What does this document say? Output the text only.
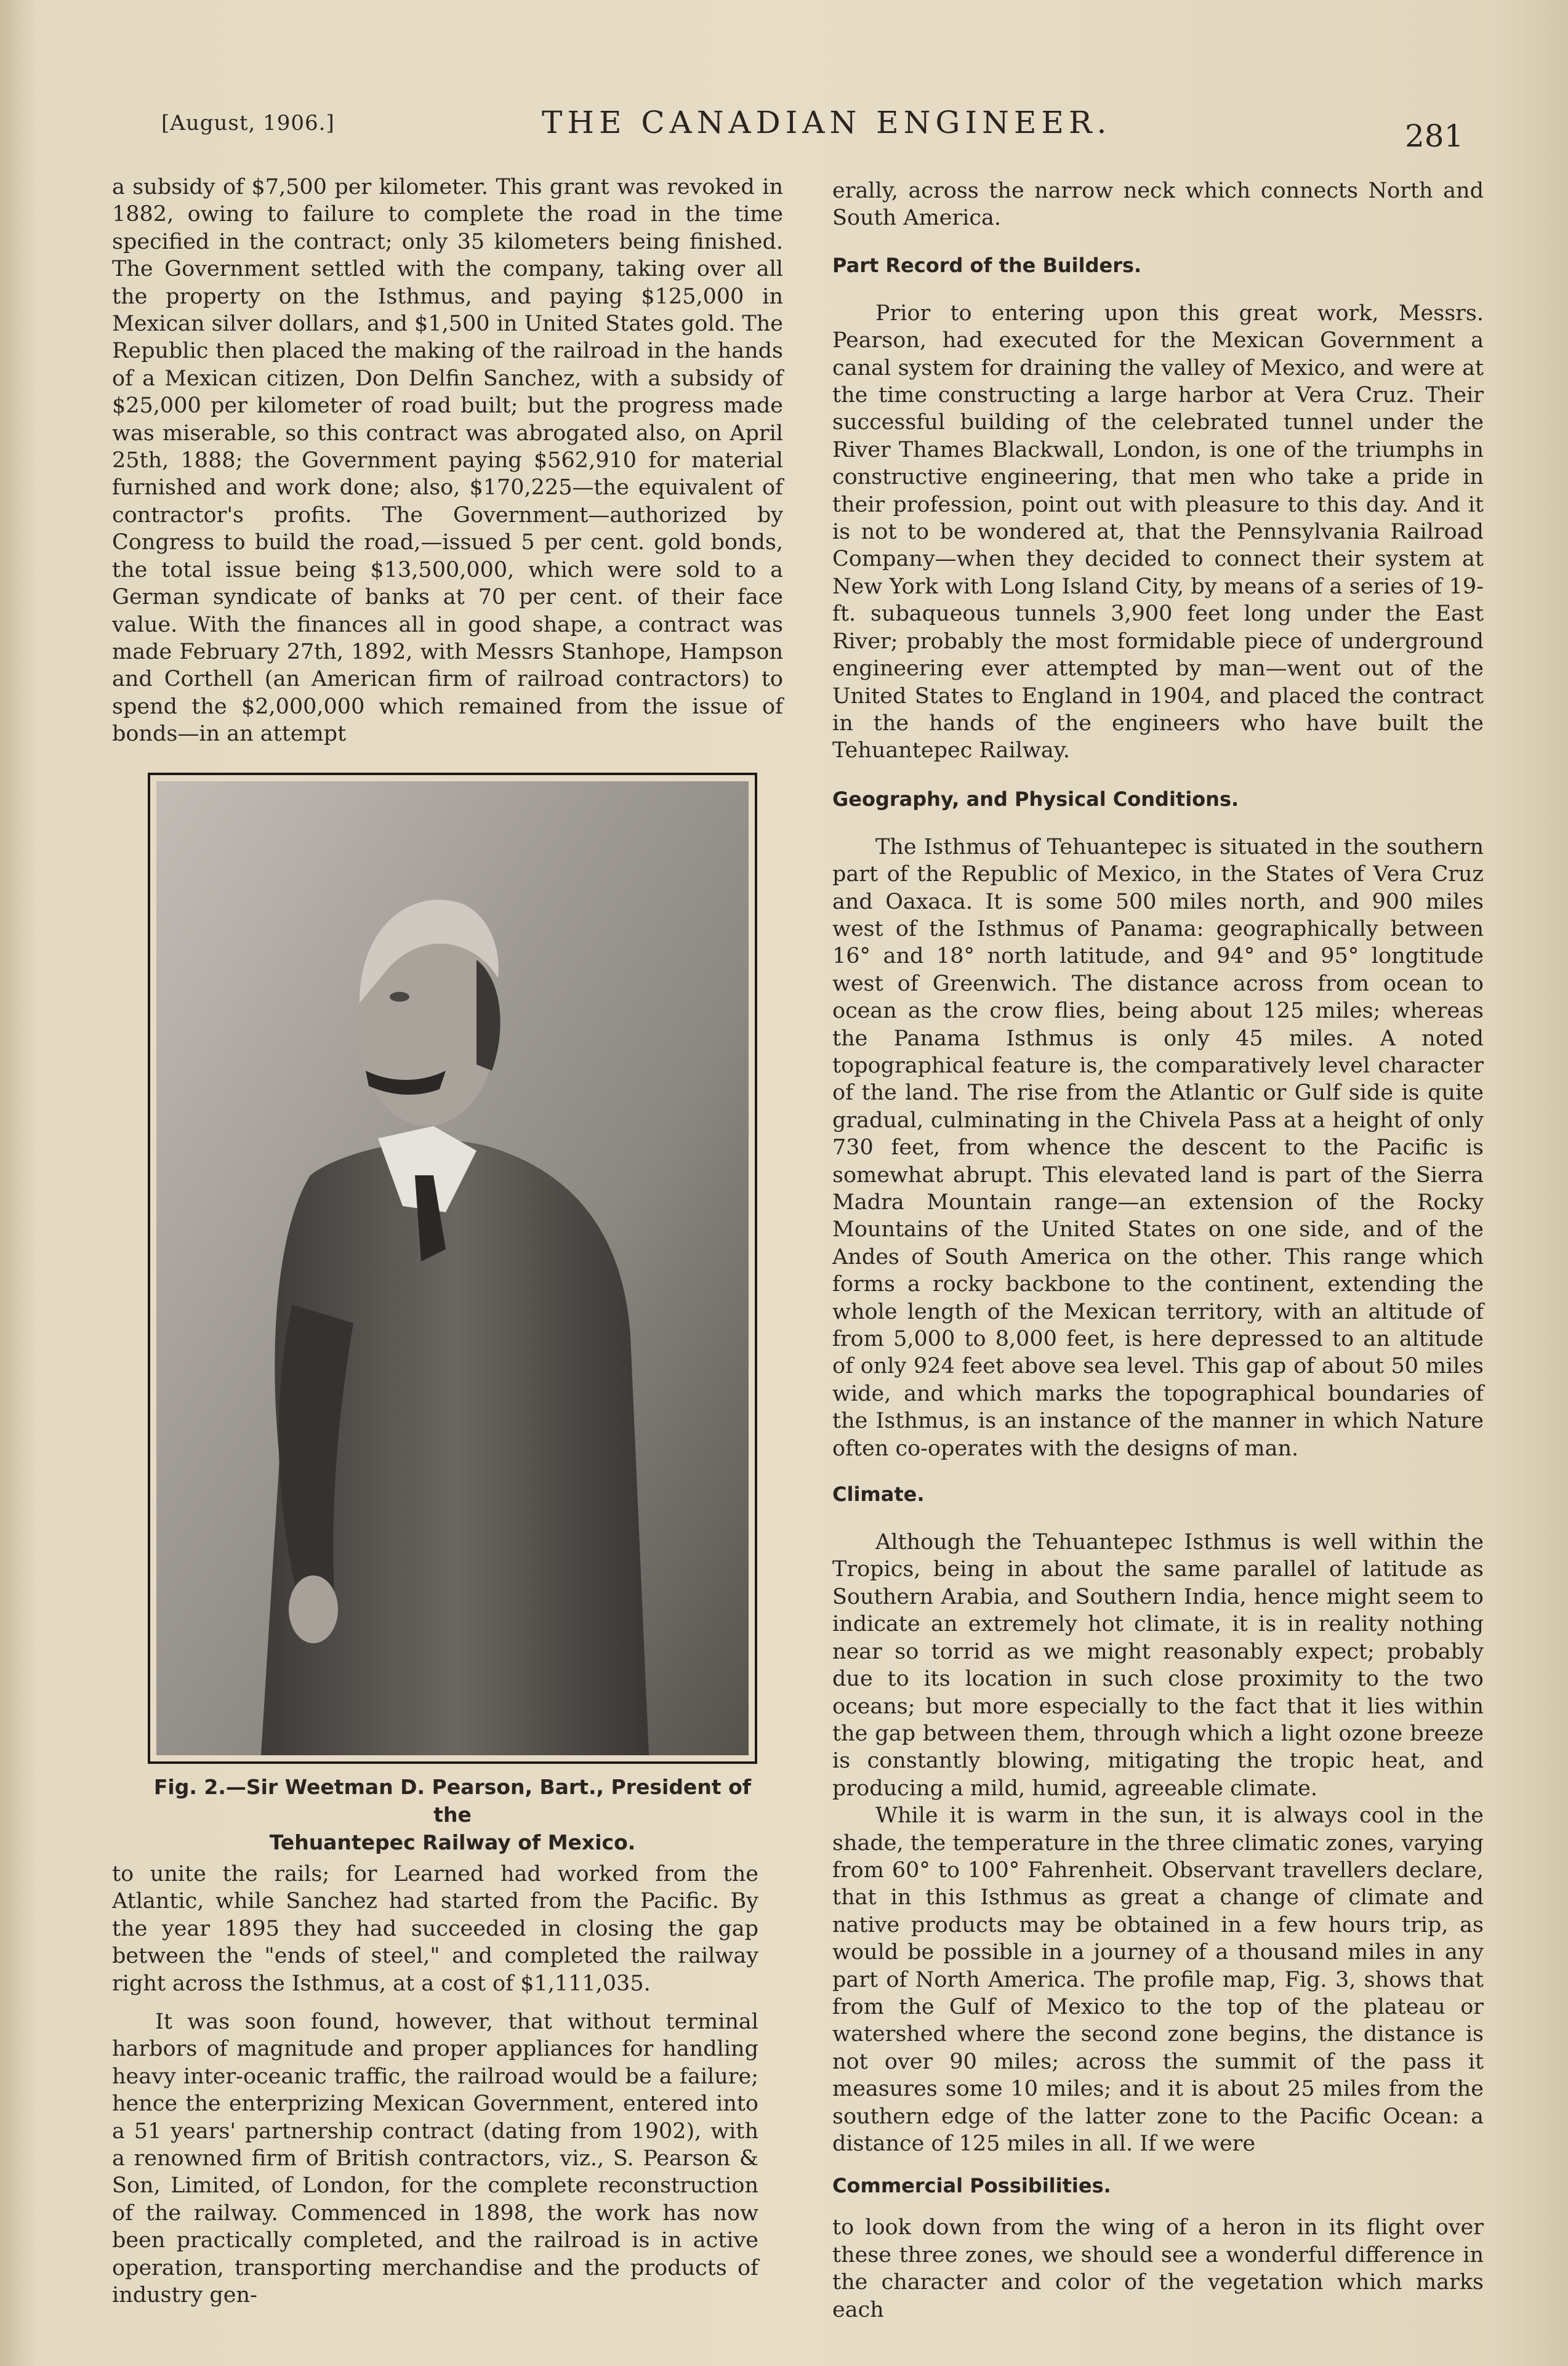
[August, 1906.]	THE CANADIAN ENGINEER.	281

a subsidy of $7,500 per kilometer. This grant was revoked in 1882, owing to failure to complete the road in the time specified in the contract; only 35 kilometers being finished. The Government settled with the company, taking over all the property on the Isthmus, and paying $125,000 in Mexican silver dollars, and $1,500 in United States gold. The Republic then placed the making of the railroad in the hands of a Mexican citizen, Don Delfin Sanchez, with a subsidy of $25,000 per kilometer of road built; but the progress made was miserable, so this contract was abrogated also, on April 25th, 1888; the Government paying $562,910 for material furnished and work done; also, $170,225—the equivalent of contractor's profits. The Government—authorized by Congress to build the road,—issued 5 per cent. gold bonds, the total issue being $13,500,000, which were sold to a German syndicate of banks at 70 per cent. of their face value. With the finances all in good shape, a contract was made February 27th, 1892, with Messrs Stanhope, Hampson and Corthell (an American firm of railroad contractors) to spend the $2,000,000 which remained from the issue of bonds—in an attempt

Fig. 2.—Sir Weetman D. Pearson, Bart., President of the
Tehuantepec Railway of Mexico.

to unite the rails; for Learned had worked from the Atlantic, while Sanchez had started from the Pacific. By the year 1895 they had succeeded in closing the gap between the "ends of steel," and completed the railway right across the Isthmus, at a cost of $1,111,035.

It was soon found, however, that without terminal harbors of magnitude and proper appliances for handling heavy inter-oceanic traffic, the railroad would be a failure; hence the enterprizing Mexican Government, entered into a 51 years' partnership contract (dating from 1902), with a renowned firm of British contractors, viz., S. Pearson & Son, Limited, of London, for the complete reconstruction of the railway. Commenced in 1898, the work has now been practically completed, and the railroad is in active operation, transporting merchandise and the products of industry gen-

erally, across the narrow neck which connects North and South America.

Part Record of the Builders.

Prior to entering upon this great work, Messrs. Pearson, had executed for the Mexican Government a canal system for draining the valley of Mexico, and were at the time constructing a large harbor at Vera Cruz. Their successful building of the celebrated tunnel under the River Thames Blackwall, London, is one of the triumphs in constructive engineering, that men who take a pride in their profession, point out with pleasure to this day. And it is not to be wondered at, that the Pennsylvania Railroad Company—when they decided to connect their system at New York with Long Island City, by means of a series of 19-ft. subaqueous tunnels 3,900 feet long under the East River; probably the most formidable piece of underground engineering ever attempted by man—went out of the United States to England in 1904, and placed the contract in the hands of the engineers who have built the Tehuantepec Railway.

Geography, and Physical Conditions.

The Isthmus of Tehuantepec is situated in the southern part of the Republic of Mexico, in the States of Vera Cruz and Oaxaca. It is some 500 miles north, and 900 miles west of the Isthmus of Panama: geographically between 16° and 18° north latitude, and 94° and 95° longtitude west of Greenwich. The distance across from ocean to ocean as the crow flies, being about 125 miles; whereas the Panama Isthmus is only 45 miles. A noted topographical feature is, the comparatively level character of the land. The rise from the Atlantic or Gulf side is quite gradual, culminating in the Chivela Pass at a height of only 730 feet, from whence the descent to the Pacific is somewhat abrupt. This elevated land is part of the Sierra Madra Mountain range—an extension of the Rocky Mountains of the United States on one side, and of the Andes of South America on the other. This range which forms a rocky backbone to the continent, extending the whole length of the Mexican territory, with an altitude of from 5,000 to 8,000 feet, is here depressed to an altitude of only 924 feet above sea level. This gap of about 50 miles wide, and which marks the topographical boundaries of the Isthmus, is an instance of the manner in which Nature often co-operates with the designs of man.

Climate.

Although the Tehuantepec Isthmus is well within the Tropics, being in about the same parallel of latitude as Southern Arabia, and Southern India, hence might seem to indicate an extremely hot climate, it is in reality nothing near so torrid as we might reasonably expect; probably due to its location in such close proximity to the two oceans; but more especially to the fact that it lies within the gap between them, through which a light ozone breeze is constantly blowing, mitigating the tropic heat, and producing a mild, humid, agreeable climate.

While it is warm in the sun, it is always cool in the shade, the temperature in the three climatic zones, varying from 60° to 100° Fahrenheit. Observant travellers declare, that in this Isthmus as great a change of climate and native products may be obtained in a few hours trip, as would be possible in a journey of a thousand miles in any part of North America. The profile map, Fig. 3, shows that from the Gulf of Mexico to the top of the plateau or watershed where the second zone begins, the distance is not over 90 miles; across the summit of the pass it measures some 10 miles; and it is about 25 miles from the southern edge of the latter zone to the Pacific Ocean: a distance of 125 miles in all. If we were

Commercial Possibilities.

to look down from the wing of a heron in its flight over these three zones, we should see a wonderful difference in the character and color of the vegetation which marks each
